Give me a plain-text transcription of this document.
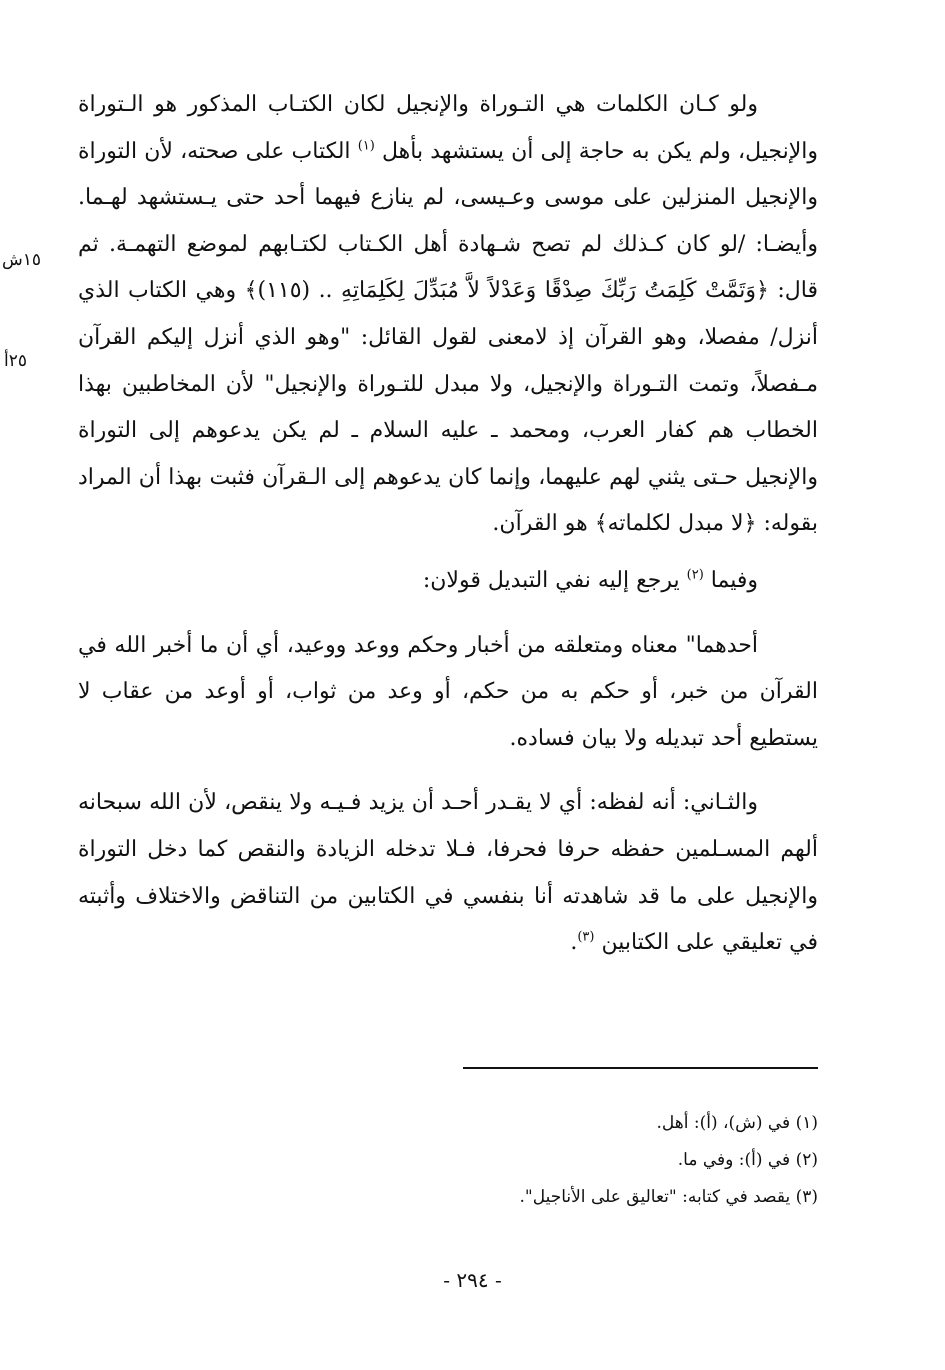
١٥ش
٢٥أ

ولو كـان الكلمات هي التـوراة والإنجيل لكان الكتـاب المذكور هو الـتوراة والإنجيل، ولم يكن به حاجة إلى أن يستشهد بأهل $^{(١)}$ الكتاب على صحته، لأن التوراة والإنجيل المنزلين على موسى وعـيسى، لم ينازع فيهما أحد حتى يـستشهد لهـما. وأيضـا: /لو كان كـذلك لم تصح شـهادة أهل الكـتاب لكتـابهم لموضع التهمـة. ثم قال: ﴿وَتَمَّتْ كَلِمَتُ رَبِّكَ صِدْقًا وَعَدْلاً لاَّ مُبَدِّلَ لِكَلِمَاتِهِ .. (١١٥)﴾ وهي الكتاب الذي أنزل/ مفصلا، وهو القرآن إذ لامعنى لقول القائل: "وهو الذي أنزل إليكم القرآن مـفصلاً، وتمت التـوراة والإنجيل، ولا مبدل للتـوراة والإنجيل" لأن المخاطبين بهذا الخطاب هم كفار العرب، ومحمد ـ عليه السلام ـ لم يكن يدعوهم إلى التوراة والإنجيل حـتى يثني لهم عليهما، وإنما كان يدعوهم إلى الـقرآن فثبت بهذا أن المراد بقوله: ﴿لا مبدل لكلماته﴾ هو القرآن.

وفيما $^{(٢)}$ يرجع إليه نفي التبديل قولان:

أحدهما" معناه ومتعلقه من أخبار وحكم ووعد ووعيد، أي أن ما أخبر الله في القرآن من خبر، أو حكم به من حكم، أو وعد من ثواب، أو أوعد من عقاب لا يستطيع أحد تبديله ولا بيان فساده.

والثـاني: أنه لفظه: أي لا يقـدر أحـد أن يزيد فـيـه ولا ينقص، لأن الله سبحانه ألهم المسـلمين حفظه حرفا فحرفا، فـلا تدخله الزيادة والنقص كما دخل التوراة والإنجيل على ما قد شاهدته أنا بنفسي في الكتابين من التناقض والاختلاف وأثبته في تعليقي على الكتابين $^{(٣)}$.

(١) في (ش)، (أ): أهل.

(٢) في (أ): وفي ما.

(٣) يقصد في كتابه: "تعاليق على الأناجيل".

- ٢٩٤ -
